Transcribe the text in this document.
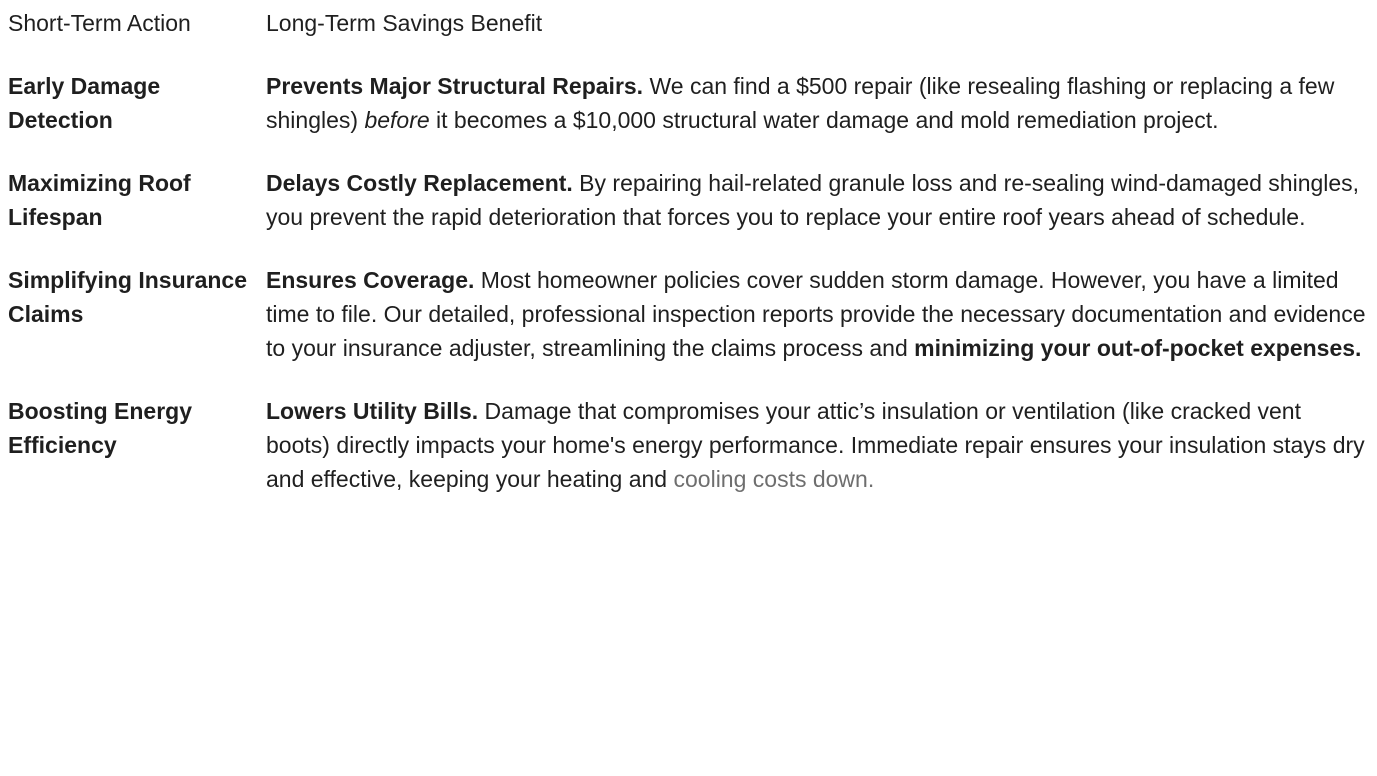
Short-Term Action	Long-Term Savings Benefit
Early Damage Detection	Prevents Major Structural Repairs. We can find a $500 repair (like resealing flashing or replacing a few shingles) before it becomes a $10,000 structural water damage and mold remediation project.
Maximizing Roof Lifespan	Delays Costly Replacement. By repairing hail-related granule loss and re-sealing wind-damaged shingles, you prevent the rapid deterioration that forces you to replace your entire roof years ahead of schedule.
Simplifying Insurance Claims	Ensures Coverage. Most homeowner policies cover sudden storm damage. However, you have a limited time to file. Our detailed, professional inspection reports provide the necessary documentation and evidence to your insurance adjuster, streamlining the claims process and minimizing your out-of-pocket expenses.
Boosting Energy Efficiency	Lowers Utility Bills. Damage that compromises your attic’s insulation or ventilation (like cracked vent boots) directly impacts your home's energy performance. Immediate repair ensures your insulation stays dry and effective, keeping your heating and cooling costs down.
